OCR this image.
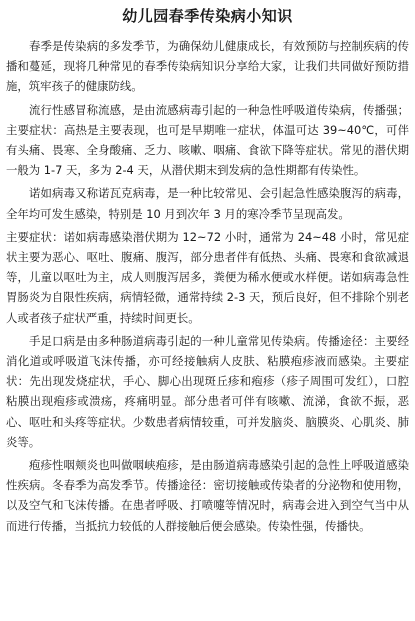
幼儿园春季传染病小知识

春季是传染病的多发季节，为确保幼儿健康成长，有效预防与控制疾病的传播和蔓延，现将几种常见的春季传染病知识分享给大家，让我们共同做好预防措施，筑牢孩子的健康防线。

流行性感冒称流感，是由流感病毒引起的一种急性呼吸道传染病，传播强；主要症状：高热是主要表现，也可是早期唯一症状，体温可达 39~40℃，可伴有头痛、畏寒、全身酸痛、乏力、咳嗽、咽痛、食欲下降等症状。常见的潜伏期一般为 1-7 天，多为 2-4 天，从潜伏期末到发病的急性期都有传染性。

诺如病毒又称诺瓦克病毒，是一种比较常见、会引起急性感染腹泻的病毒，全年均可发生感染，特别是 10 月到次年 3 月的寒冷季节呈现高发。

主要症状：诺如病毒感染潜伏期为 12~72 小时，通常为 24~48 小时，常见症状主要为恶心、呕吐、腹痛、腹泻，部分患者伴有低热、头痛、畏寒和食欲减退等，儿童以呕吐为主，成人则腹泻居多，粪便为稀水便或水样便。诺如病毒急性胃肠炎为自限性疾病，病情轻微，通常持续 2-3 天，预后良好，但不排除个别老人或者孩子症状严重，持续时间更长。

手足口病是由多种肠道病毒引起的一种儿童常见传染病。传播途径：主要经消化道或呼吸道飞沫传播，亦可经接触病人皮肤、粘膜疱疹液而感染。主要症状：先出现发烧症状，手心、脚心出现斑丘疹和疱疹（疹子周围可发红），口腔粘膜出现疱疹或溃疡，疼痛明显。部分患者可伴有咳嗽、流涕，食欲不振，恶心、呕吐和头疼等症状。少数患者病情较重，可并发脑炎、脑膜炎、心肌炎、肺炎等。

疱疹性咽颊炎也叫做咽峡疱疹，是由肠道病毒感染引起的急性上呼吸道感染性疾病。冬春季为高发季节。传播途径：密切接触或传染者的分泌物和使用物，以及空气和飞沫传播。在患者呼吸、打喷嚏等情况时，病毒会进入到空气当中从而进行传播，当抵抗力较低的人群接触后便会感染。传染性强，传播快。
